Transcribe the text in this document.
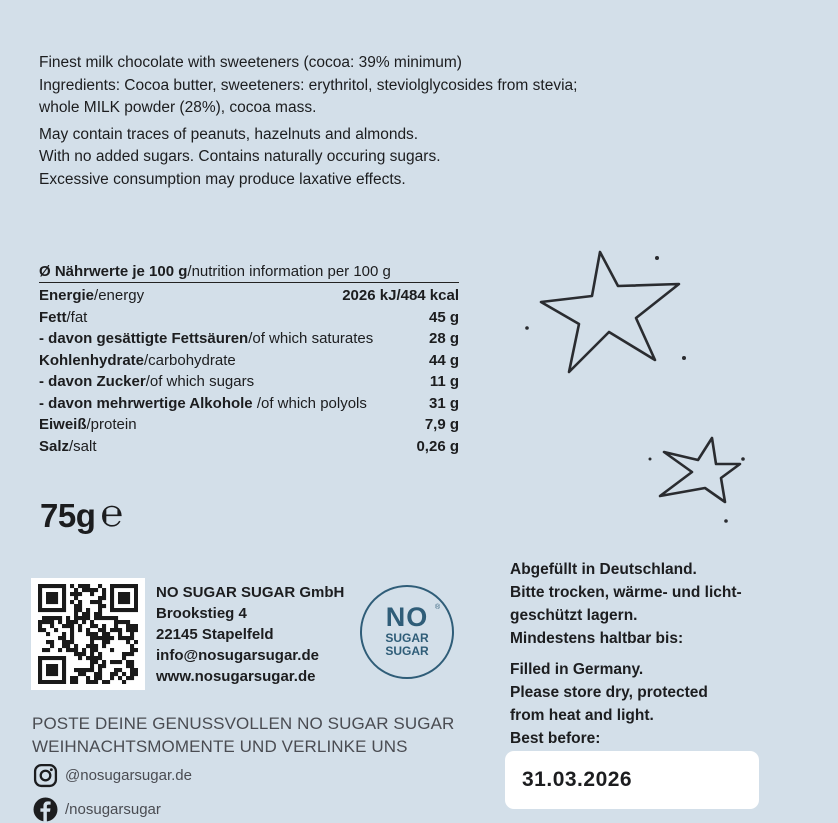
Finest milk chocolate with sweeteners (cocoa: 39% minimum)
Ingredients: Cocoa butter, sweeteners: erythritol, steviolglycosides from stevia;
whole MILK powder (28%), cocoa mass.

May contain traces of peanuts, hazelnuts and almonds.
With no added sugars. Contains naturally occuring sugars.
Excessive consumption may produce laxative effects.

Ø Nährwerte je 100 g/nutrition information per 100 g
Energie/energy	2026 kJ/484 kcal
Fett/fat	45 g
- davon gesättigte Fettsäuren/of which saturates	28 g
Kohlenhydrate/carbohydrate	44 g
- davon Zucker/of which sugars	11 g
- davon mehrwertige Alkohole /of which polyols	31 g
Eiweiß/protein	7,9 g
Salz/salt	0,26 g
75g ℮
NO SUGAR SUGAR GmbH
Brookstieg 4
22145 Stapelfeld
info@nosugarsugar.de
www.nosugarsugar.de
NO ®
SUGAR
SUGAR
POSTE DEINE GENUSSVOLLEN NO SUGAR SUGAR
WEIHNACHTSMOMENTE UND VERLINKE UNS
@nosugarsugar.de
/nosugarsugar
Abgefüllt in Deutschland.
Bitte trocken, wärme- und licht-
geschützt lagern.
Mindestens haltbar bis:
Filled in Germany.
Please store dry, protected
from heat and light.
Best before:
31.03.2026
